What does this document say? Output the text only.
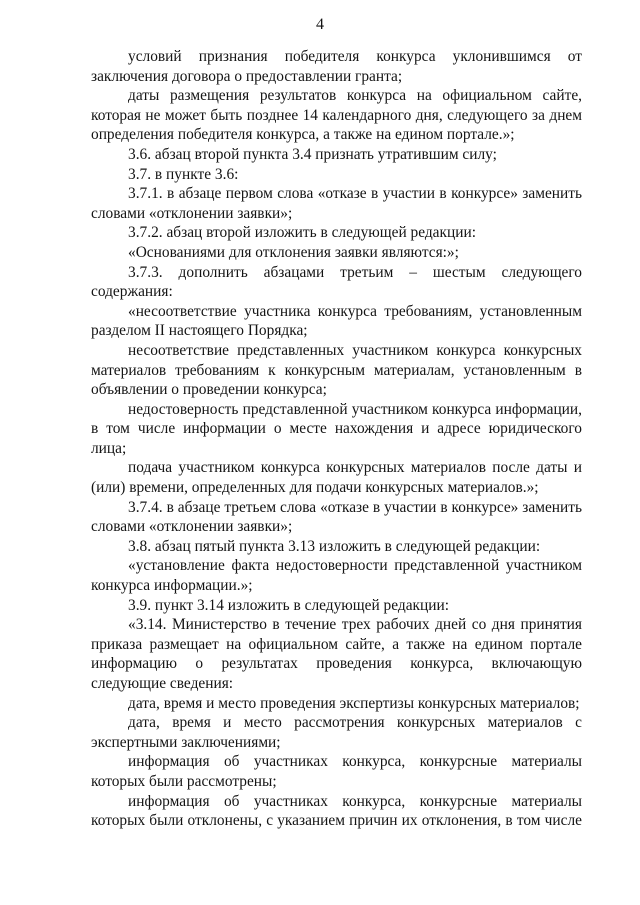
4

условий признания победителя конкурса уклонившимся от заключения договора о предоставлении гранта;

даты размещения результатов конкурса на официальном сайте, которая не может быть позднее 14 календарного дня, следующего за днем определения победителя конкурса, а также на едином портале.»;

3.6. абзац второй пункта 3.4 признать утратившим силу;

3.7. в пункте 3.6:

3.7.1. в абзаце первом слова «отказе в участии в конкурсе» заменить словами «отклонении заявки»;

3.7.2. абзац второй изложить в следующей редакции:

«Основаниями для отклонения заявки являются:»;

3.7.3. дополнить абзацами третьим – шестым следующего содержания:

«несоответствие участника конкурса требованиям, установленным разделом II настоящего Порядка;

несоответствие представленных участником конкурса конкурсных материалов требованиям к конкурсным материалам, установленным в объявлении о проведении конкурса;

недостоверность представленной участником конкурса информации, в том числе информации о месте нахождения и адресе юридического лица;

подача участником конкурса конкурсных материалов после даты и (или) времени, определенных для подачи конкурсных материалов.»;

3.7.4. в абзаце третьем слова «отказе в участии в конкурсе» заменить словами «отклонении заявки»;

3.8. абзац пятый пункта 3.13 изложить в следующей редакции:

«установление факта недостоверности представленной участником конкурса информации.»;

3.9. пункт 3.14 изложить в следующей редакции:

«3.14. Министерство в течение трех рабочих дней со дня принятия приказа размещает на официальном сайте, а также на едином портале информацию о результатах проведения конкурса, включающую следующие сведения:

дата, время и место проведения экспертизы конкурсных материалов;

дата, время и место рассмотрения конкурсных материалов с экспертными заключениями;

информация об участниках конкурса, конкурсные материалы которых были рассмотрены;

информация об участниках конкурса, конкурсные материалы которых были отклонены, с указанием причин их отклонения, в том числе
